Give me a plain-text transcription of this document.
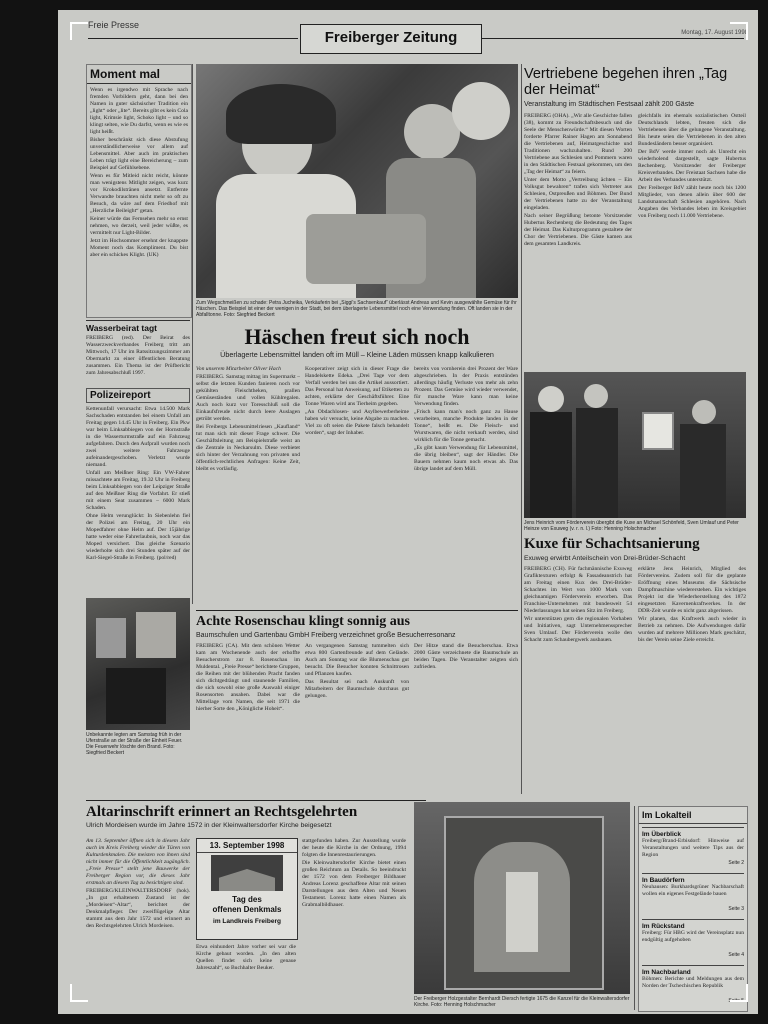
Freie Presse
Freiberger Zeitung	Montag, 17. August 1998
Moment mal

Wenn es irgendwo mit Sprache nach fremden Vorbildern geht, dann bei den Namen in guter sächsischer Tradition ein „light“ oder „lite“. Bereits gibt es kein Cola light, Krimsie light, Schoko light – und so klingt selten, wie Du darfst, wenn es wie es light heißt.

Bisher beschränkt sich diese Abstufung unverständlicherweise vor allem auf Lebensmittel. Aber auch im praktischen Leben trägt light eine Bereicherung – zum Beispiel auf Gefühlsebene.

Wenn es für Mitleid nicht reicht, könnte man wenigstens Mitlight zeigen, was kurz vor Krokodilstränen ansetzt. Entfernte Verwandte brauchten nicht mehr so oft zu Besuch, da wäre auf dem Friedhof mit „Herzliche Beileight“ getan.

Keiner würde das Fernsehen mehr so ernst nehmen, wo derzeit, weil jeder wüßte, es vermittelt nur Light-Bilder.

Jetzt im Hochsommer ersehnt der knappste Moment noch das Kompliment. Du bist aber ein schickes Klight. (UK)

Zum Wegschmeißen zu schade: Petra Jucheika, Verkäuferin bei „Siggi's Sachsenkauf“ überlässt Andreas und Kevin ausgewählte Gemüse für ihr Häschen. Das Beispiel ist einer der wenigen in der Stadt, bei dem überlagerte Lebensmittel noch eine Verwendung finden. Oft landen sie in der Abfalltonne. Foto: Siegfried Beckert
Vertriebene begehen ihren „Tag der Heimat“
Veranstaltung im Städtischen Festsaal zählt 200 Gäste

FREIBERG (OHA). „Wir alle Geschichte fallen (38), kommt zu Freundschaftsbesuch und die Seele der Menschenwürde.“ Mit diesen Worten forderte Pfarrer Rainer Hagen am Sonnabend die Vertriebenen auf, Heimatgeschichte und Traditionen wachzuhalten. Rund 200 Vertriebene aus Schlesien und Pommern waren in den Städtischen Festsaal gekommen, um den „Tag der Heimat“ zu feiern.

Unter dem Motto „Vertreibung ächten – Ein Volksgut bewahren“ trafen sich Vertreter aus Schlesien, Ostpreußen und Böhmen. Der Bund der Vertriebenen hatte zu der Veranstaltung eingeladen.

Nach seiner Begrüßung betonte Vorsitzender Hubertus Rechenberg die Bedeutung des Tages der Heimat. Das Kulturprogramm gestaltete der Chor der Vertriebenen. Die Gäste kamen aus dem gesamten Landkreis.

gleichfalls im ehemals sozialistischen Ostteil Deutschlands lebten, freuten sich die Vertriebenen über die gelungene Veranstaltung. Bis heute seien die Vertriebenen in den alten Bundesländern besser organisiert.

Der BdV werde immer noch als Unrecht ein wiederholend dargestellt, sagte Hubertus Rechenberg. Vorsitzender der Freiberger Kreisverbandes. Der Freistaat Sachsen habe die Arbeit des Verbandes unterstützt.

Der Freiberger BdV zählt heute noch bis 1200 Mitglieder, von denen allein über 600 der Landsmannschaft Schlesien angehören. Nach Angaben des Verbandes leben im Kreisgebiet von Freiberg noch 11.000 Vertriebene.

Wasserbeirat tagt
FREIBERG (red). Der Beirat des Wasserzweckverbandes Freiberg tritt am Mittwoch, 17 Uhr im Ratssitzungszimmer am Obermarkt zu einer öffentlichen Beratung zusammen. Ein Thema ist der Prüfbericht zum Jahresabschluß 1997.
Polizeireport

Kettenunfall verursacht: Etwa 14.500 Mark Sachschaden entstanden bei einem Unfall am Freitag gegen 14.45 Uhr in Freiberg. Ein Pkw war beim Linksabbiegen von der Hornstraße in die Wasserturmstraße auf ein Fahrzeug aufgefahren. Durch den Aufprall wurden noch zwei weitere Fahrzeuge aufeinandergeschoben. Verletzt wurde niemand.

Unfall am Meißner Ring: Ein VW-Fahrer missachtete am Freitag, 19.32 Uhr in Freiberg beim Linksabbiegen von der Leipziger Straße auf den Meißner Ring die Vorfahrt. Er stieß mit einem Seat zusammen – 6000 Mark Schaden.

Ohne Helm verunglückt: In Siebenlehn fiel der Polizei am Freitag, 20 Uhr ein Mopedfahrer ohne Helm auf. Der 15jährige hatte weder eine Fahrerlaubnis, noch war das Moped versichert. Das gleiche Szenario wiederholte sich drei Stunden später auf der Karl-Siegel-Straße in Freiberg. (pol/red)

Häschen freut sich noch
Überlagerte Lebensmittel landen oft im Müll – Kleine Läden müssen knapp kalkulieren

Von unserem Mitarbeiter Oliver Hach

FREIBERG. Samstag mittag im Supermarkt – selbst die letzten Kunden fanieren noch vor gekühlten Fleischtheken, prallen Gemüseständen und vollen Kühlregalen. Auch noch kurz vor Toresschluß soll die Einkaufsfreude nicht durch leere Auslagen getrübt werden.

Bei Freibergs Lebensmittelriesen „Kaufland“ tut man sich mit dieser Frage schwer. Die Geschäftsleitung am Beispielstraße weist an die Zentrale in Neckarsulm. Diese verbietet sich hinter der Verzahnung von privaten und öffentlich-rechtlichen Anfragen: Keine Zeit, bleibt es vorläufig.

Kooperativer zeigt sich in dieser Frage die Handelskette Edeka. „Drei Tage vor dem Verfall werden bei uns die Artikel aussortiert. Das Personal hat Anweisung, auf Etiketten zu achten, erklärte der Geschäftsführer. Eine Tonne Waren wird ans Tierheim gegeben.

„An Obdachlosen- und Asylbewerberheime haben wir versucht, keine Abgabe zu machen. Viel zu oft seien die Pakete falsch behandelt worden“, sagt der Inhaber.

bereits von vornherein drei Prozent der Ware abgeschrieben. In der Praxis entstünden allerdings häufig Verluste von mehr als zehn Prozent. Das Gemüse wird wieder verwendet, für manche Ware kann man keine Verwendung finden.

„Frisch kann man's noch ganz zu Hause verarbeiten, manche Produkte landen in der Tonne“, heißt es. Die Fleisch- und Wurstwaren, die nicht verkauft werden, sind wirklich für die Tonne gemacht.

„Es gibt kaum Verwendung für Lebensmittel, die übrig bleiben“, sagt der Händler. Die Bauern nehmen kaum noch etwas ab. Das übrige landet auf dem Müll.

Jens Heinrich vom Förderverein übergibt die Kuxe an Michael Schönfeld, Sven Umlauf und Peter Heinze von Exuweg (v. r. n. l.) Foto: Henning Holschmacher
Kuxe für Schachtsanierung
Exuweg erwirbt Anteilschein von Drei-Brüder-Schacht

FREIBERG (CH). Für fachmännische Exuweg Grafiktexturen erfolgt & Fassadeanstrich hat am Freitag einen Kux des Drei-Brüder-Schachtes im Wert von 1000 Mark vom gleichnamigen Förderverein erworben. Das Franchise-Unternehmen mit bundesweit 54 Niederlassungen hat seinen Sitz im Freiberg.

Wir unterstützen gern die regionalen Vorhaben und Initiativen, sagt Unternehmenssprecher Sven Umlauf. Der Förderverein wolle den Schacht zum Schaubergwerk ausbauen.

erklärte Jens Heinrich, Mitglied des Fördervereins. Zudem soll für die geplante Eröffnung eines Museums die Sächsische Dampfmaschine wiedererstehen. Ein wichtiges Projekt ist die Wiederherstellung des 1872 eingesetzten Kavernenkraftwerkes. In der DDR-Zeit wurde es nicht ganz abgerissen.

Wir planen, das Kraftwerk auch wieder in Betrieb zu nehmen. Die Aufwendungen dafür wurden auf mehrere Millionen Mark geschätzt, bis der Verein seine Ziele erreicht.

Unbekannte legten am Samstag früh in der Uferstraße an der Straße der Einheit Feuer. Die Feuerwehr löschte den Brand. Foto: Siegfried Beckert
Achte Rosenschau klingt sonnig aus
Baumschulen und Gartenbau GmbH Freiberg verzeichnet große Besucherresonanz

FREIBERG (CA). Mit dem schönen Wetter kam am Wochenende auch der erhoffte Besucherstrom zur 8. Rosenschau im Muldental. „Freie Presse“ berichtete Gruppen, die Reihen mit der blühenden Pracht fanden sich dichtgedrängt und staunende Familien, die sich sowohl eine große Auswahl einiger Rosensorten ansahen. Dabei war die Mittellage vom Namen, die seit 1971 die hierher Sorte den „Königliche Hoheit“.

An vergangenen Samstag tummelten sich etwa 800 Gartenfreunde auf dem Gelände. Auch am Sonntag war die Blumenschau gut besucht. Die Besucher konnten Schnittrosen und Pflanzen kaufen.

Das Resultat sei nach Auskunft von Mitarbeitern der Baumschule durchaus gut gelungen.

Der Hitze stand die Besucherschau. Etwa 2000 Gäste verzeichnete die Baumschule an beiden Tagen. Die Veranstalter zeigten sich zufrieden.

Altarinschrift erinnert an Rechtsgelehrten
Ulrich Mordeisen wurde im Jahre 1572 in der Kleinwaltersdorfer Kirche beigesetzt

Am 13. September öffnen sich in diesem Jahr auch im Kreis Freiberg wieder die Türen von Kulturdenkmalen. Die meisten von ihnen sind nicht immer für die Öffentlichkeit zugänglich. „Freie Presse“ stellt jene Bauwerke der Freiberger Region vor, die dieses Jahr erstmals an diesem Tag zu besichtigen sind.

FREIBERG/KLEINWALTERSDORF (hok). „In gut erhaltenem Zustand ist der „Mordeisen“-Altar“, berichtet der Denkmalpfleger. Der zweiflügelige Altar stammt aus dem Jahr 1572 und erinnert an den Rechtsgelehrten Ulrich Mordeisen.

13. September 1998
Tag des
offenen Denkmals
im Landkreis Freiberg

Etwa einhundert Jahre vorher sei war die Kirche gebaut worden. „In den alten Quellen findet sich keine genaue Jahreszahl“, so Buchhalter Beuker.

stattgefunden haben. Zur Ausstellung wurde der heute die Kirche in der Ordnung, 1994 folgten die Innenrestaurierungen.

Die Kleinwaltersdorfer Kirche bietet einen großen Reichtum an Details. So beeindruckt der 1572 von dem Freiberger Bildhauer Andreas Lorenz geschaffene Altar mit seinen Darstellungen aus dem Alten und Neuen Testament. Lorenz hatte einen Namen als Grabmalbildhauer.

Der Freiberger Holzgestalter Bernhardt Diersch fertigte 1675 die Kanzel für die Kleinwaltersdorfer Kirche. Foto: Henning Holschmacher
Im Lokalteil
Im Überblick
Freiberg/Brand-Erbisdorf: Hinweise auf Veranstaltungen und weitere Tips aus der Region
Seite 2
In Baudörfern
Neuhausen: Burkhardsgrüner Nachbarschaft wollen ein eigenes Festgelände bauen
Seite 3
Im Rückstand
Freiberg: Für HBG wird der Vereinsplatz nun endgültig aufgehoben
Seite 4
Im Nachbarland
Böhmen: Berichte und Meldungen aus dem Norden der Tschechischen Republik
Seite 5
